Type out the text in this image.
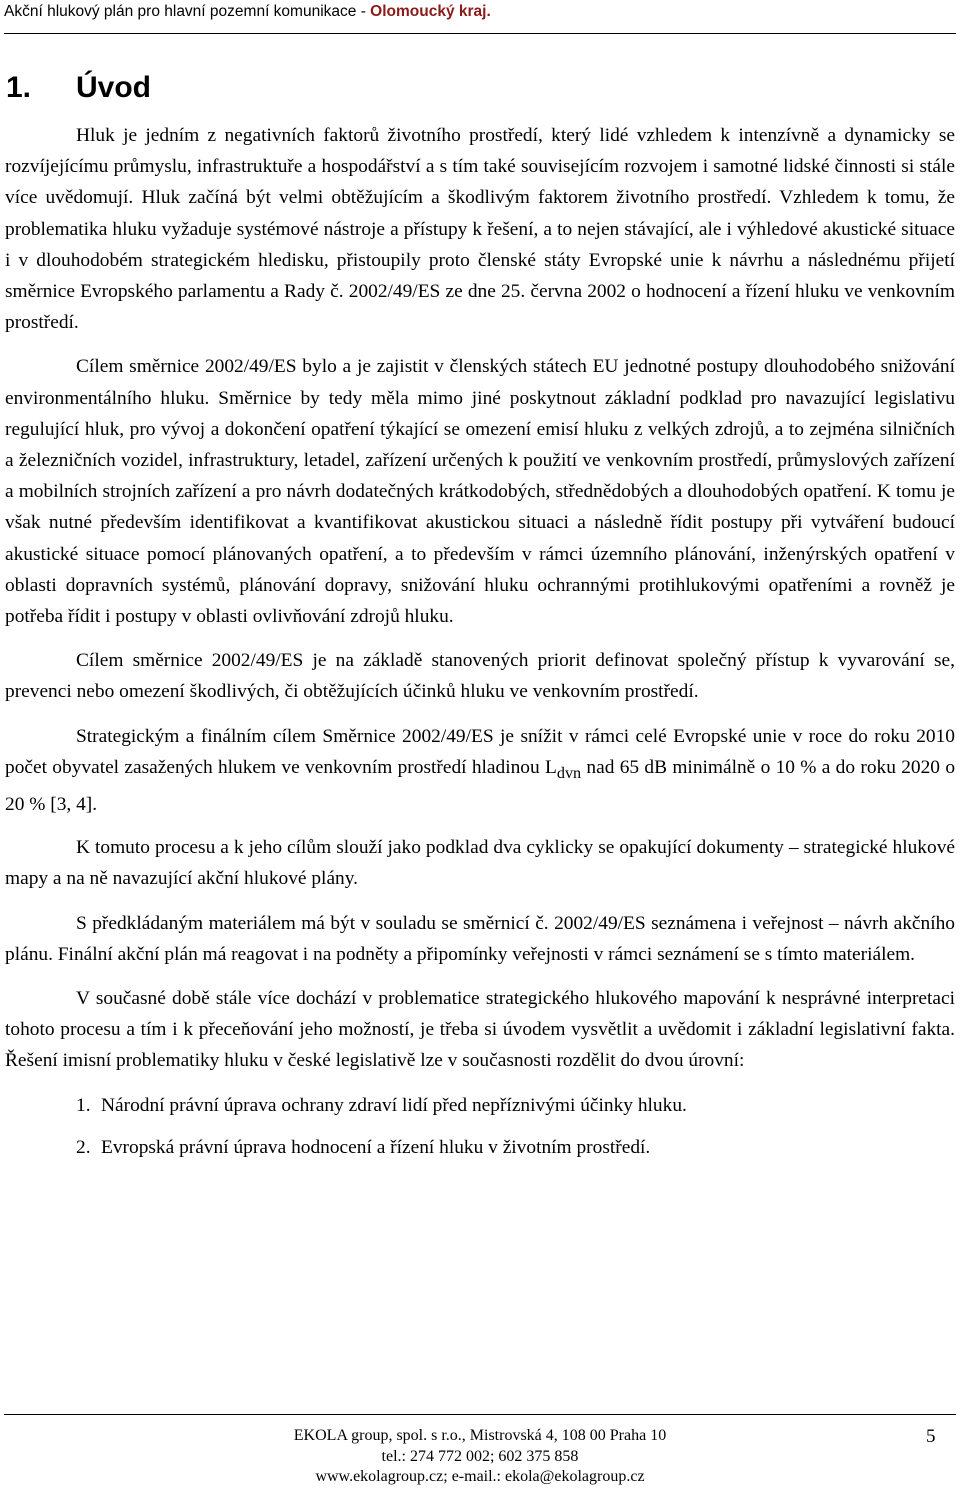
Akční hlukový plán pro hlavní pozemní komunikace - Olomoucký kraj.
1. Úvod

Hluk je jedním z negativních faktorů životního prostředí, který lidé vzhledem k intenzívně a dynamicky se rozvíjejícímu průmyslu, infrastruktuře a hospodářství a s tím také souvisejícím rozvojem i samotné lidské činnosti si stále více uvědomují. Hluk začíná být velmi obtěžujícím a škodlivým faktorem životního prostředí. Vzhledem k tomu, že problematika hluku vyžaduje systémové nástroje a přístupy k řešení, a to nejen stávající, ale i výhledové akustické situace i v dlouhodobém strategickém hledisku, přistoupily proto členské státy Evropské unie k návrhu a následnému přijetí směrnice Evropského parlamentu a Rady č. 2002/49/ES ze dne 25. června 2002 o hodnocení a řízení hluku ve venkovním prostředí.

Cílem směrnice 2002/49/ES bylo a je zajistit v členských státech EU jednotné postupy dlouhodobého snižování environmentálního hluku. Směrnice by tedy měla mimo jiné poskytnout základní podklad pro navazující legislativu regulující hluk, pro vývoj a dokončení opatření týkající se omezení emisí hluku z velkých zdrojů, a to zejména silničních a železničních vozidel, infrastruktury, letadel, zařízení určených k použití ve venkovním prostředí, průmyslových zařízení a mobilních strojních zařízení a pro návrh dodatečných krátkodobých, střednědobých a dlouhodobých opatření. K tomu je však nutné především identifikovat a kvantifikovat akustickou situaci a následně řídit postupy při vytváření budoucí akustické situace pomocí plánovaných opatření, a to především v rámci územního plánování, inženýrských opatření v oblasti dopravních systémů, plánování dopravy, snižování hluku ochrannými protihlukovými opatřeními a rovněž je potřeba řídit i postupy v oblasti ovlivňování zdrojů hluku.

Cílem směrnice 2002/49/ES je na základě stanovených priorit definovat společný přístup k vyvarování se, prevenci nebo omezení škodlivých, či obtěžujících účinků hluku ve venkovním prostředí.

Strategickým a finálním cílem Směrnice 2002/49/ES je snížit v rámci celé Evropské unie v roce do roku 2010 počet obyvatel zasažených hlukem ve venkovním prostředí hladinou $L_{dvn}$ nad 65 dB minimálně o 10 % a do roku 2020 o 20 % [3, 4].

K tomuto procesu a k jeho cílům slouží jako podklad dva cyklicky se opakující dokumenty – strategické hlukové mapy a na ně navazující akční hlukové plány.

S předkládaným materiálem má být v souladu se směrnicí č. 2002/49/ES seznámena i veřejnost – návrh akčního plánu. Finální akční plán má reagovat i na podněty a připomínky veřejnosti v rámci seznámení se s tímto materiálem.

V současné době stále více dochází v problematice strategického hlukového mapování k nesprávné interpretaci tohoto procesu a tím i k přeceňování jeho možností, je třeba si úvodem vysvětlit a uvědomit i základní legislativní fakta. Řešení imisní problematiky hluku v české legislativě lze v současnosti rozdělit do dvou úrovní:

1. Národní právní úprava ochrany zdraví lidí před nepříznivými účinky hluku.
2. Evropská právní úprava hodnocení a řízení hluku v životním prostředí.
EKOLA group, spol. s r.o., Mistrovská 4, 108 00 Praha 10
tel.: 274 772 002; 602 375 858
www.ekolagroup.cz; e-mail.: ekola@ekolagroup.cz
5
